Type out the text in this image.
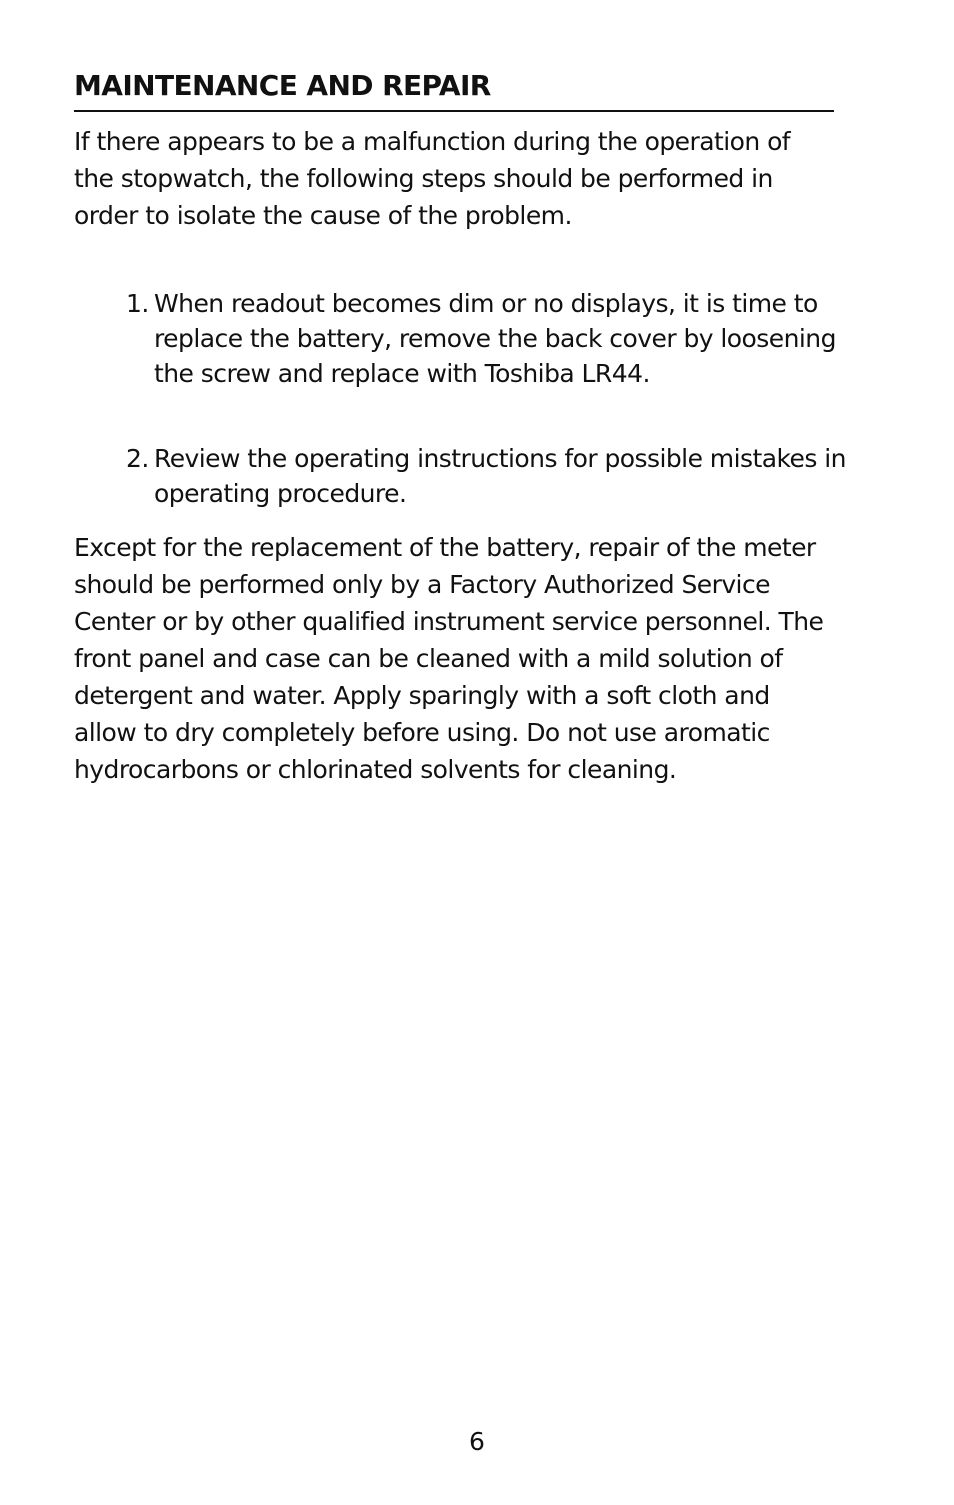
MAINTENANCE AND REPAIR

If there appears to be a malfunction during the operation of the stopwatch, the following steps should be performed in order to isolate the cause of the problem.

1. When readout becomes dim or no displays, it is time to replace the battery, remove the back cover by loosening the screw and replace with Toshiba LR44.
2. Review the operating instructions for possible mistakes in operating procedure.

Except for the replacement of the battery, repair of the meter should be performed only by a Factory Authorized Service Center or by other qualified instrument service personnel. The front panel and case can be cleaned with a mild solution of detergent and water. Apply sparingly with a soft cloth and allow to dry completely before using. Do not use aromatic hydrocarbons or chlorinated solvents for cleaning.

6
